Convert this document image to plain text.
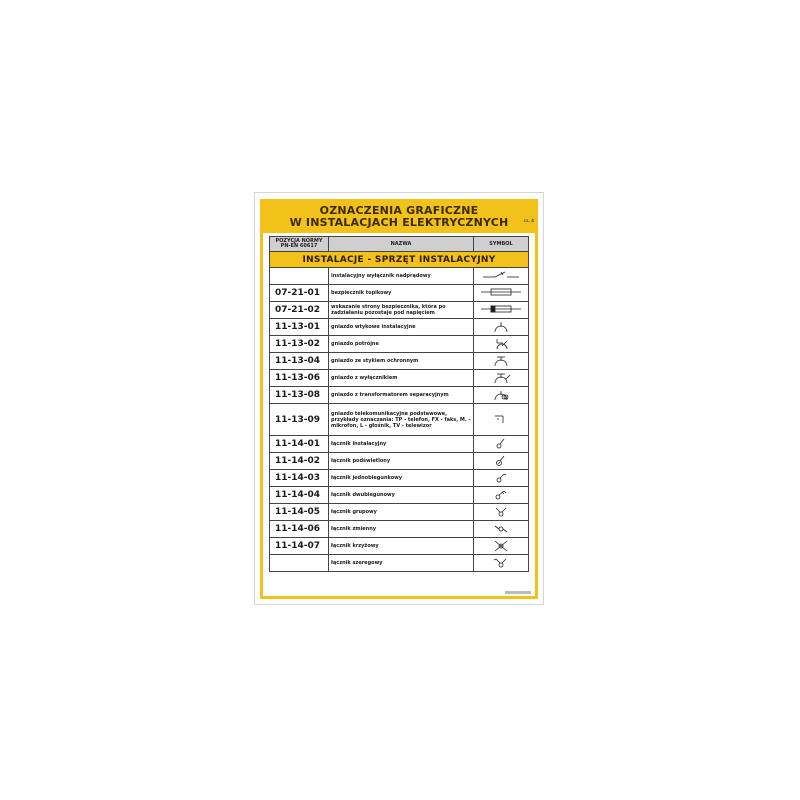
OZNACZENIA GRAFICZNE
W INSTALACJACH ELEKTRYCZNYCH	cz. 4
POZYCJA NORMY PN-EN 60617	NAZWA	SYMBOL
INSTALACJE - SPRZĘT INSTALACYJNY		
	instalacyjny wyłącznik nadprądowy	

07-21-01	bezpiecznik topikowy	

07-21-02	wskazanie strony bezpiecznika, która po zadziałaniu pozostaje pod napięciem	

11-13-01	gniazdo wtykowe instalacyjne	

11-13-02	gniazdo potrójne	

11-13-04	gniazdo ze stykiem ochronnym	

11-13-06	gniazdo z wyłącznikiem	

11-13-08	gniazdo z transformatorem separacyjnym	

11-13-09	gniazdo telekomunikacyjne podstawowe, przykłady oznaczania: TP - telefon, FX - faks, M. - mikrofon, L - głośnik, TV - telewizor	

11-14-01	łącznik instalacyjny	

11-14-02	łącznik podświetlony	

11-14-03	łącznik jednobiegunkowy	

11-14-04	łącznik dwubiegunowy	

11-14-05	łącznik grupowy	

11-14-06	łącznik zmienny	

11-14-07	łącznik krzyżowy	

	łącznik szeregowy	
